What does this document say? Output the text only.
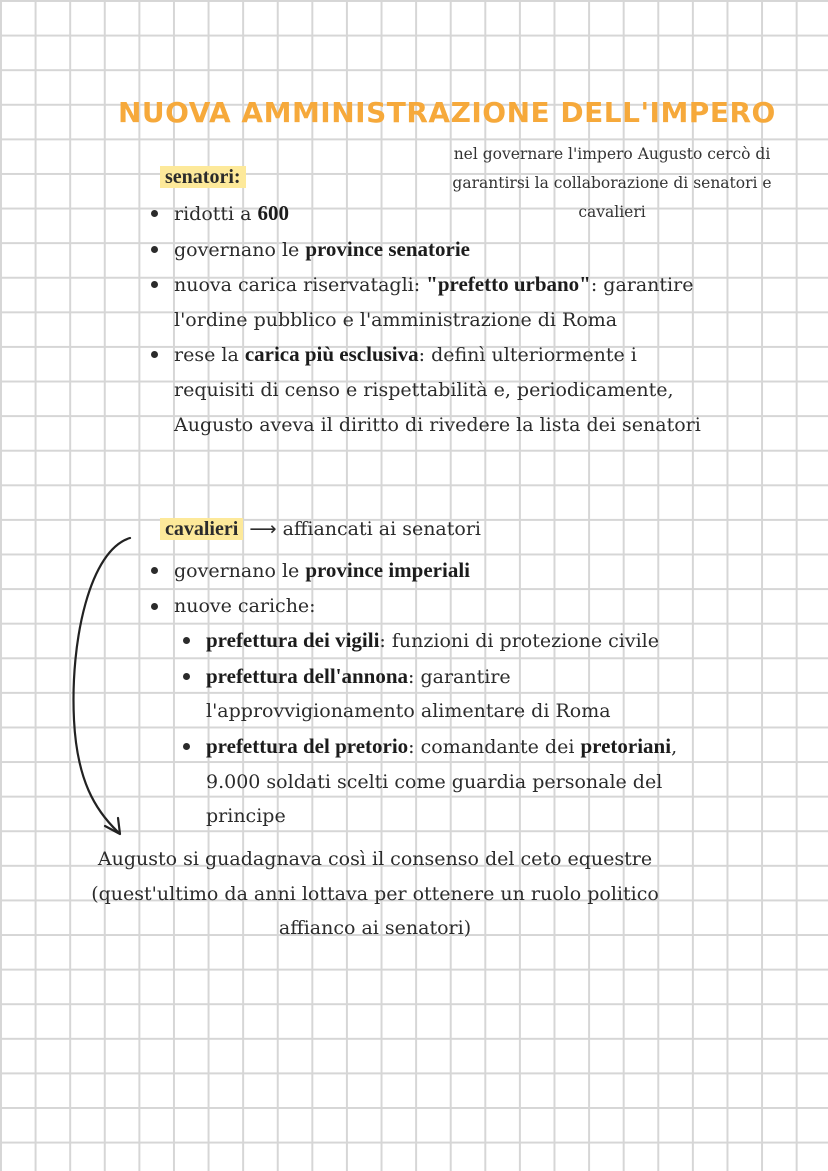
NUOVA AMMINISTRAZIONE DELL'IMPERO
nel governare l'impero Augusto cercò di garantirsi la collaborazione di senatori e cavalieri
senatori:
ridotti a 600
governano le province senatorie
nuova carica riservatagli: "prefetto urbano": garantire l'ordine pubblico e l'amministrazione di Roma
rese la carica più esclusiva: definì ulteriormente i requisiti di censo e rispettabilità e, periodicamente, Augusto aveva il diritto di rivedere la lista dei senatori
cavalieri ⟶ affiancati ai senatori
governano le province imperiali
nuove cariche:
prefettura dei vigili: funzioni di protezione civile
prefettura dell'annona: garantire l'approvvigionamento alimentare di Roma
prefettura del pretorio: comandante dei pretoriani, 9.000 soldati scelti come guardia personale del principe
Augusto si guadagnava così il consenso del ceto equestre (quest'ultimo da anni lottava per ottenere un ruolo politico affianco ai senatori)
